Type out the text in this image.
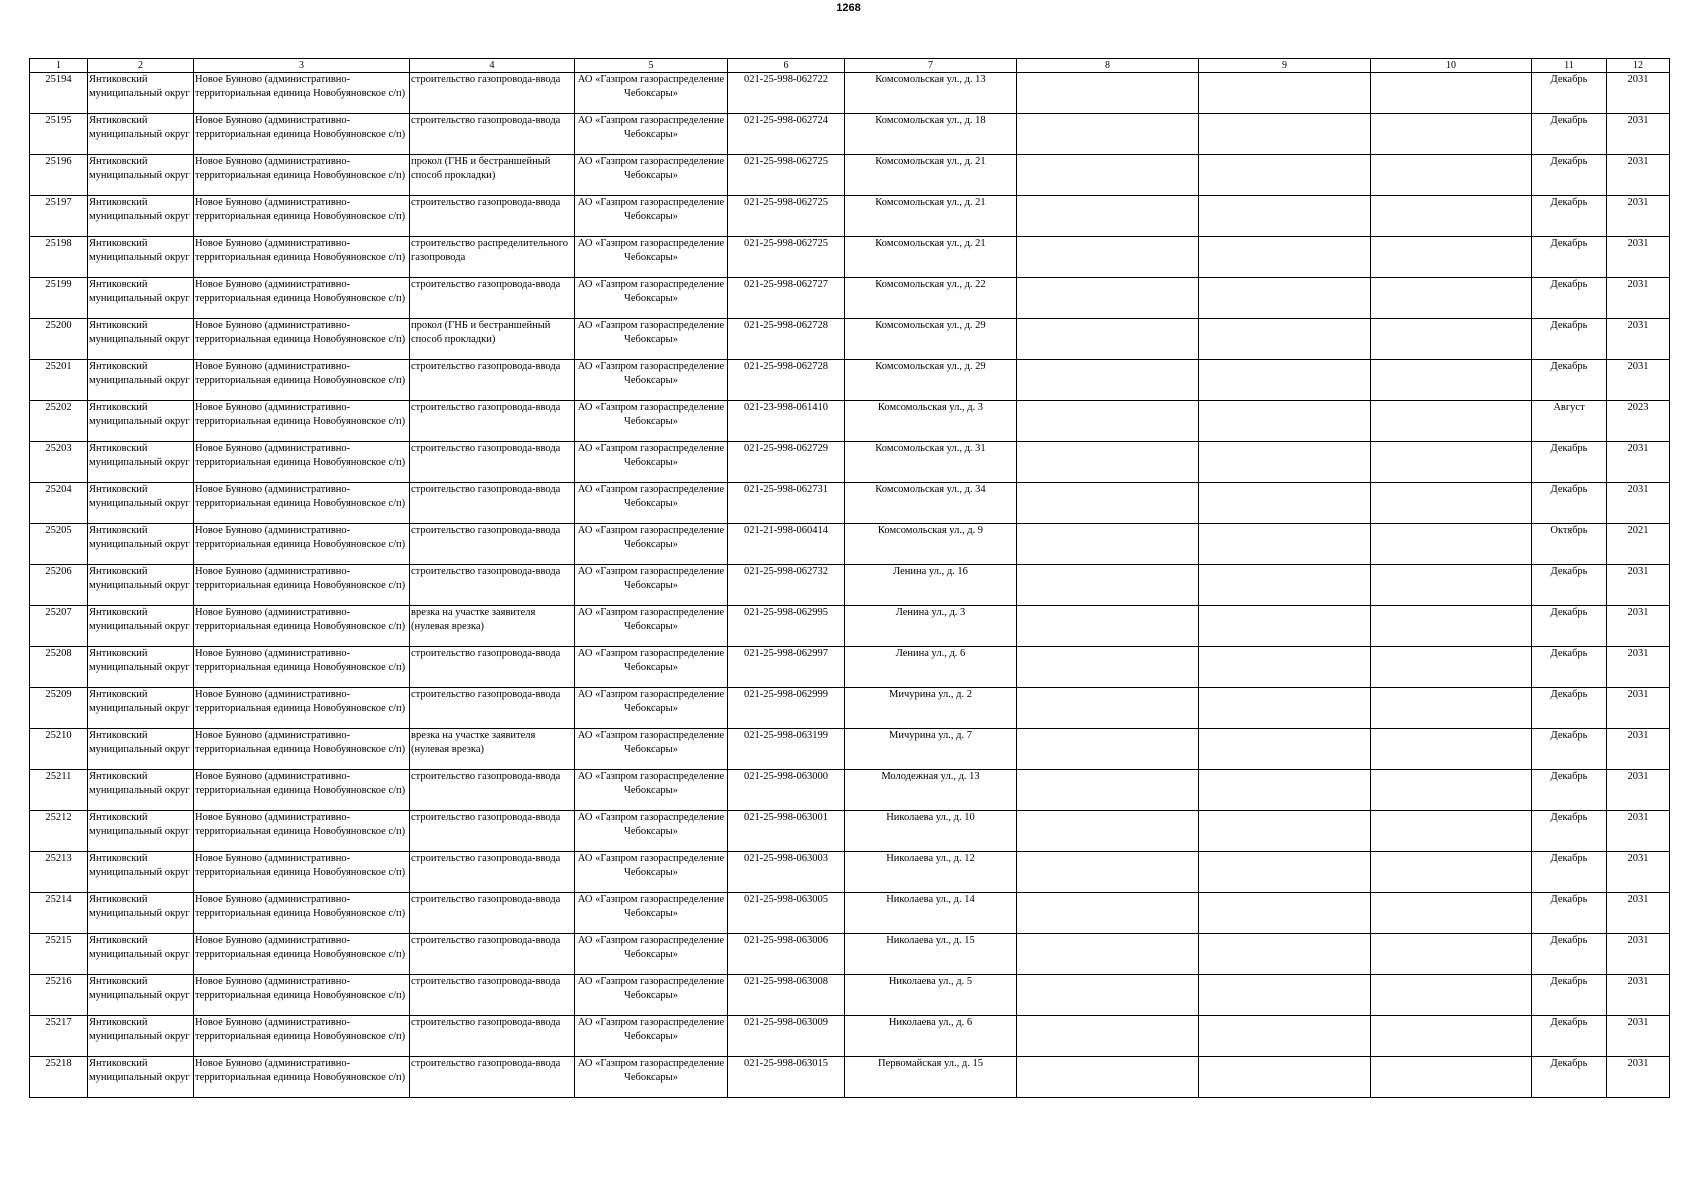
1268
1	2	3	4	5	6	7	8	9	10	11	12

25194	Янтиковский муниципальный округ	Новое Буяново (административно-территориальная единица Новобуяновское с/п)	строительство газопровода-ввода	АО «Газпром газораспределение Чебоксары»	021-25-998-062722	Комсомольская ул., д. 13				Декабрь	2031

25195	Янтиковский муниципальный округ	Новое Буяново (административно-территориальная единица Новобуяновское с/п)	строительство газопровода-ввода	АО «Газпром газораспределение Чебоксары»	021-25-998-062724	Комсомольская ул., д. 18				Декабрь	2031

25196	Янтиковский муниципальный округ	Новое Буяново (административно-территориальная единица Новобуяновское с/п)	прокол (ГНБ и бестраншейный способ прокладки)	АО «Газпром газораспределение Чебоксары»	021-25-998-062725	Комсомольская ул., д. 21				Декабрь	2031

25197	Янтиковский муниципальный округ	Новое Буяново (административно-территориальная единица Новобуяновское с/п)	строительство газопровода-ввода	АО «Газпром газораспределение Чебоксары»	021-25-998-062725	Комсомольская ул., д. 21				Декабрь	2031

25198	Янтиковский муниципальный округ	Новое Буяново (административно-территориальная единица Новобуяновское с/п)	строительство распределительного газопровода	АО «Газпром газораспределение Чебоксары»	021-25-998-062725	Комсомольская ул., д. 21				Декабрь	2031

25199	Янтиковский муниципальный округ	Новое Буяново (административно-территориальная единица Новобуяновское с/п)	строительство газопровода-ввода	АО «Газпром газораспределение Чебоксары»	021-25-998-062727	Комсомольская ул., д. 22				Декабрь	2031

25200	Янтиковский муниципальный округ	Новое Буяново (административно-территориальная единица Новобуяновское с/п)	прокол (ГНБ и бестраншейный способ прокладки)	АО «Газпром газораспределение Чебоксары»	021-25-998-062728	Комсомольская ул., д. 29				Декабрь	2031

25201	Янтиковский муниципальный округ	Новое Буяново (административно-территориальная единица Новобуяновское с/п)	строительство газопровода-ввода	АО «Газпром газораспределение Чебоксары»	021-25-998-062728	Комсомольская ул., д. 29				Декабрь	2031

25202	Янтиковский муниципальный округ	Новое Буяново (административно-территориальная единица Новобуяновское с/п)	строительство газопровода-ввода	АО «Газпром газораспределение Чебоксары»	021-23-998-061410	Комсомольская ул., д. 3				Август	2023

25203	Янтиковский муниципальный округ	Новое Буяново (административно-территориальная единица Новобуяновское с/п)	строительство газопровода-ввода	АО «Газпром газораспределение Чебоксары»	021-25-998-062729	Комсомольская ул., д. 31				Декабрь	2031

25204	Янтиковский муниципальный округ	Новое Буяново (административно-территориальная единица Новобуяновское с/п)	строительство газопровода-ввода	АО «Газпром газораспределение Чебоксары»	021-25-998-062731	Комсомольская ул., д. 34				Декабрь	2031

25205	Янтиковский муниципальный округ	Новое Буяново (административно-территориальная единица Новобуяновское с/п)	строительство газопровода-ввода	АО «Газпром газораспределение Чебоксары»	021-21-998-060414	Комсомольская ул., д. 9				Октябрь	2021

25206	Янтиковский муниципальный округ	Новое Буяново (административно-территориальная единица Новобуяновское с/п)	строительство газопровода-ввода	АО «Газпром газораспределение Чебоксары»	021-25-998-062732	Ленина ул., д. 16				Декабрь	2031

25207	Янтиковский муниципальный округ	Новое Буяново (административно-территориальная единица Новобуяновское с/п)	врезка на участке заявителя (нулевая врезка)	АО «Газпром газораспределение Чебоксары»	021-25-998-062995	Ленина ул., д. 3				Декабрь	2031

25208	Янтиковский муниципальный округ	Новое Буяново (административно-территориальная единица Новобуяновское с/п)	строительство газопровода-ввода	АО «Газпром газораспределение Чебоксары»	021-25-998-062997	Ленина ул., д. 6				Декабрь	2031

25209	Янтиковский муниципальный округ	Новое Буяново (административно-территориальная единица Новобуяновское с/п)	строительство газопровода-ввода	АО «Газпром газораспределение Чебоксары»	021-25-998-062999	Мичурина ул., д. 2				Декабрь	2031

25210	Янтиковский муниципальный округ	Новое Буяново (административно-территориальная единица Новобуяновское с/п)	врезка на участке заявителя (нулевая врезка)	АО «Газпром газораспределение Чебоксары»	021-25-998-063199	Мичурина ул., д. 7				Декабрь	2031

25211	Янтиковский муниципальный округ	Новое Буяново (административно-территориальная единица Новобуяновское с/п)	строительство газопровода-ввода	АО «Газпром газораспределение Чебоксары»	021-25-998-063000	Молодежная ул., д. 13				Декабрь	2031

25212	Янтиковский муниципальный округ	Новое Буяново (административно-территориальная единица Новобуяновское с/п)	строительство газопровода-ввода	АО «Газпром газораспределение Чебоксары»	021-25-998-063001	Николаева ул., д. 10				Декабрь	2031

25213	Янтиковский муниципальный округ	Новое Буяново (административно-территориальная единица Новобуяновское с/п)	строительство газопровода-ввода	АО «Газпром газораспределение Чебоксары»	021-25-998-063003	Николаева ул., д. 12				Декабрь	2031

25214	Янтиковский муниципальный округ	Новое Буяново (административно-территориальная единица Новобуяновское с/п)	строительство газопровода-ввода	АО «Газпром газораспределение Чебоксары»	021-25-998-063005	Николаева ул., д. 14				Декабрь	2031

25215	Янтиковский муниципальный округ	Новое Буяново (административно-территориальная единица Новобуяновское с/п)	строительство газопровода-ввода	АО «Газпром газораспределение Чебоксары»	021-25-998-063006	Николаева ул., д. 15				Декабрь	2031

25216	Янтиковский муниципальный округ	Новое Буяново (административно-территориальная единица Новобуяновское с/п)	строительство газопровода-ввода	АО «Газпром газораспределение Чебоксары»	021-25-998-063008	Николаева ул., д. 5				Декабрь	2031

25217	Янтиковский муниципальный округ	Новое Буяново (административно-территориальная единица Новобуяновское с/п)	строительство газопровода-ввода	АО «Газпром газораспределение Чебоксары»	021-25-998-063009	Николаева ул., д. 6				Декабрь	2031

25218	Янтиковский муниципальный округ	Новое Буяново (административно-территориальная единица Новобуяновское с/п)	строительство газопровода-ввода	АО «Газпром газораспределение Чебоксары»	021-25-998-063015	Первомайская ул., д. 15				Декабрь	2031
